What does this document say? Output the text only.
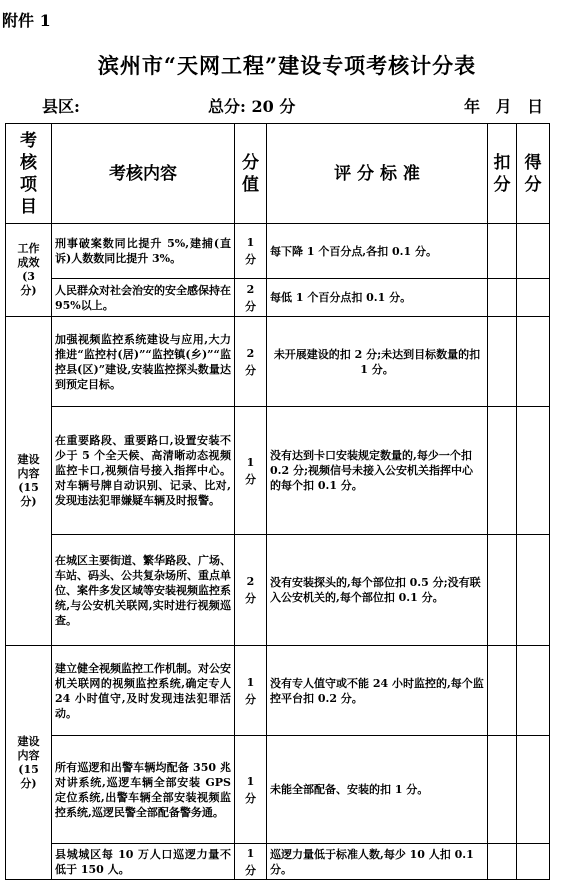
附件 1
滨州市“天网工程”建设专项考核计分表
县区:	总分: 20 分	年 月 日
考核项目	考核内容	分值	评 分 标 准	扣分	得分

工作成效(3分)	刑事破案数同比提升 5%,建捕(直诉)人数数同比提升 3%。	1分	每下降 1 个百分点,各扣 0.1 分。		
	人民群众对社会治安的安全感保持在 95%以上。	2分	每低 1 个百分点扣 0.1 分。		

建设内容(15分)	加强视频监控系统建设与应用,大力推进“监控村(居)”“监控镇(乡)”“监控县(区)”建设,安装监控探头数量达到预定目标。	2分	未开展建设的扣 2 分;未达到目标数量的扣 1 分。		
	在重要路段、重要路口,设置安装不少于 5 个全天候、高清晰动态视频监控卡口,视频信号接入指挥中心。对车辆号牌自动识别、记录、比对,发现违法犯罪嫌疑车辆及时报警。	1分	没有达到卡口安装规定数量的,每少一个扣 0.2 分;视频信号未接入公安机关指挥中心的每个扣 0.1 分。		
	在城区主要街道、繁华路段、广场、车站、码头、公共复杂场所、重点单位、案件多发区域等安装视频监控系统,与公安机关联网,实时进行视频巡查。	2分	没有安装探头的,每个部位扣 0.5 分;没有联入公安机关的,每个部位扣 0.1 分。		

建设内容(15分)	建立健全视频监控工作机制。对公安机关联网的视频监控系统,确定专人 24 小时值守,及时发现违法犯罪活动。	1分	没有专人值守或不能 24 小时监控的,每个监控平台扣 0.2 分。		
	所有巡逻和出警车辆均配备 350 兆对讲系统,巡逻车辆全部安装 GPS 定位系统,出警车辆全部安装视频监控系统,巡逻民警全部配备警务通。	1分	未能全部配备、安装的扣 1 分。		
	县城城区每 10 万人口巡逻力量不低于 150 人。	1分	巡逻力量低于标准人数,每少 10 人扣 0.1 分。		
